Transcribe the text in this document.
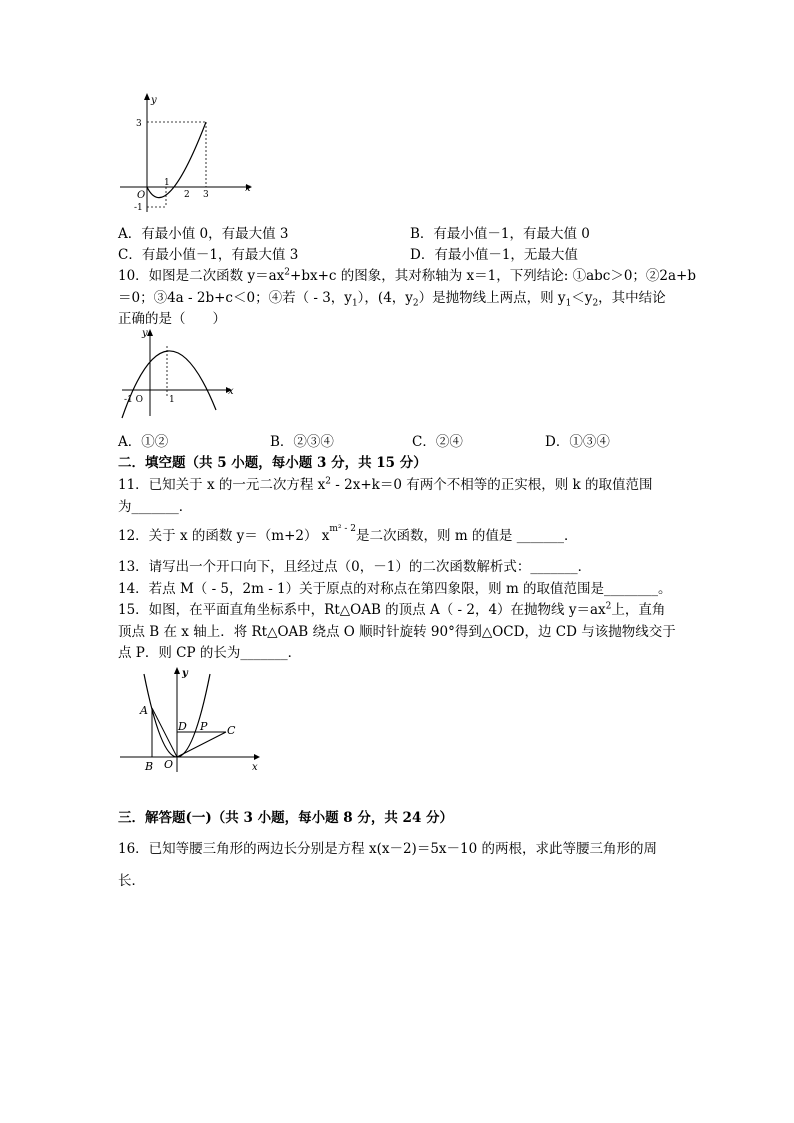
y
x
O
3
-1
1
2 3
A．有最小值 0，有最大值 3	B．有最小值－1，有最大值 0
C．有最小值－1，有最大值 3	D．有最小值－1，无最大值
10．如图是二次函数 $y=ax^2+bx+c$ 的图象，其对称轴为 x＝1，下列结论: ①abc＞0；②2a+b
＝0；③4a - 2b+c＜0；④若（ - 3，$y_1$），(4，$y_2$）是抛物线上两点，则 $y_1<y_2$，其中结论
正确的是（　　）
y
x
-1 O	1
A．①②	B．②③④	C．②④	D．①③④
二．填空题（共 5 小题，每小题 3 分，共 15 分）
11．已知关于 x 的一元二次方程 $x^2 - 2x+k=0$ 有两个不相等的正实根，则 k 的取值范围
为_______．
12．关于 x 的函数 y＝（m+2） $x^{m^2 - 2}$是二次函数，则 m 的值是 _______．
13．请写出一个开口向下，且经过点（0，－1）的二次函数解析式：_______．
14．若点 M（ - 5，2m - 1）关于原点的对称点在第四象限，则 m 的取值范围是________。
15．如图，在平面直角坐标系中，Rt△OAB 的顶点 A（ - 2，4）在抛物线 $y=ax^2$上，直角
顶点 B 在 x 轴上．将 Rt△OAB 绕点 O 顺时针旋转 90°得到△OCD，边 CD 与该抛物线交于
点 P．则 CP 的长为_______．
y
x
A
B O
D P C
三．解答题(一)（共 3 小题，每小题 8 分，共 24 分）
16．已知等腰三角形的两边长分别是方程 x(x－2)＝5x－10 的两根，求此等腰三角形的周
长．
